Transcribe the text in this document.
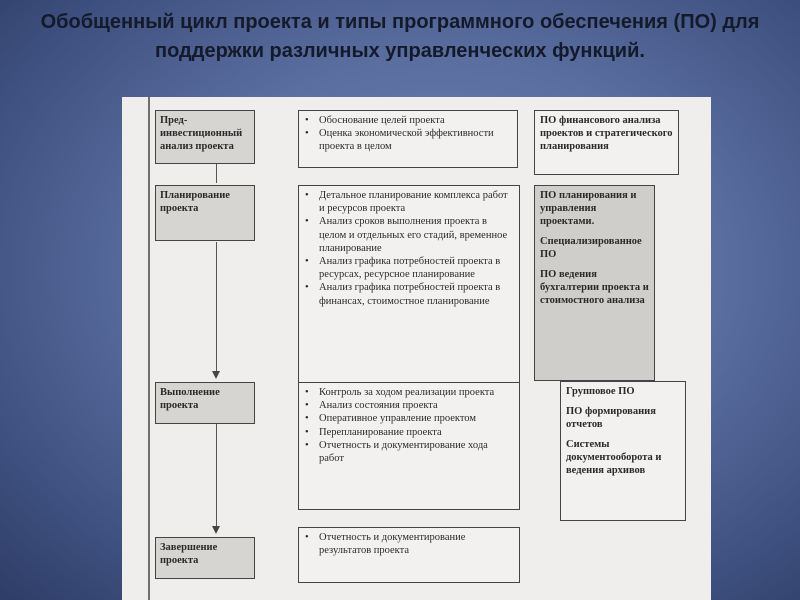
Обобщенный цикл проекта и типы программного обеспечения (ПО) для поддержки различных управленческих функций.
Пред-инвестиционный анализ проекта
Планирование проекта
Выполнение проекта
Завершение проекта
• Обоснование целей проекта
• Оценка экономической эффективности проекта в целом
• Детальное планирование комплекса работ и ресурсов проекта
• Анализ сроков выполнения проекта в целом и отдельных его стадий, временное планирование
• Анализ графика потребностей проекта в ресурсах, ресурсное планирование
• Анализ графика потребностей проекта в финансах, стоимостное планирование
• Контроль за ходом реализации проекта
• Анализ состояния проекта
• Оперативное управление проектом
• Перепланирование проекта
• Отчетность и документирование хода работ
• Отчетность и документирование результатов проекта
ПО финансового анализа проектов и стратегического планирования

ПО планирования и управления проектами.

Специализированное ПО

ПО ведения бухгалтерии проекта и стоимостного анализа

Групповое ПО

ПО формирования отчетов

Системы документооборота и ведения архивов
